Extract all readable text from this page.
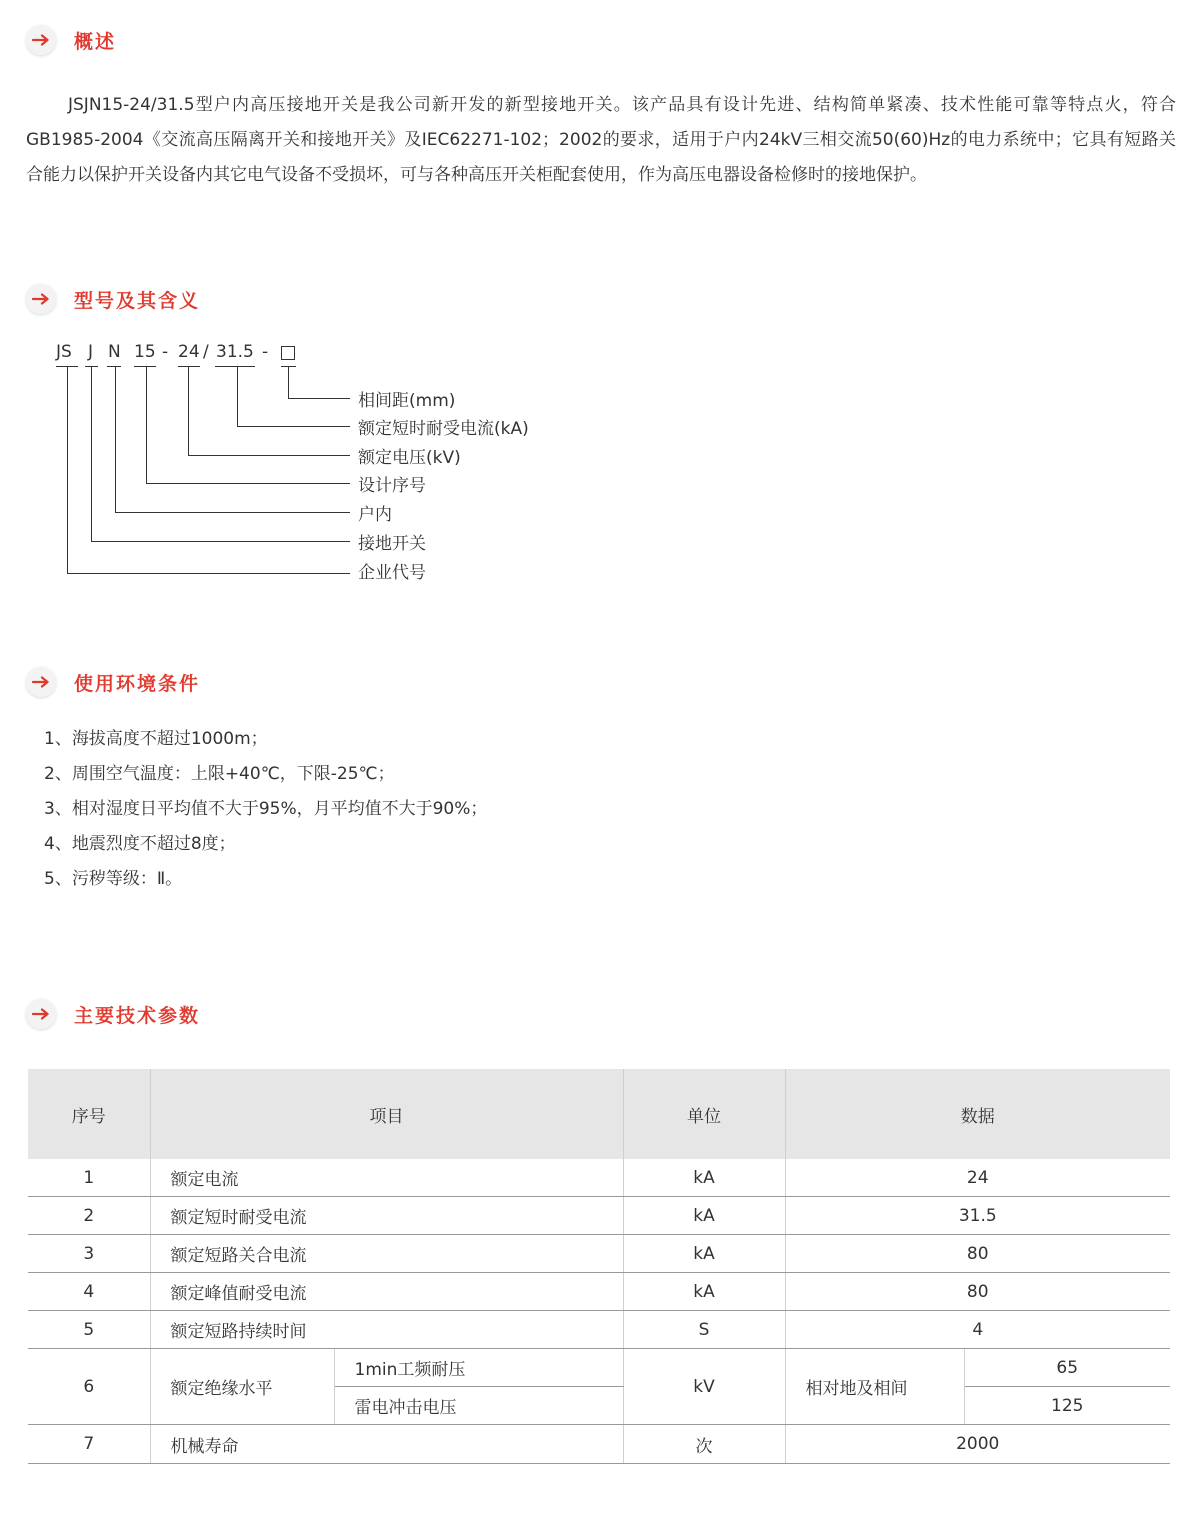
概述

JSJN15-24/31.5型户内高压接地开关是我公司新开发的新型接地开关。该产品具有设计先进、结构简单紧凑、技术性能可靠等特点火，符合GB1985-2004《交流高压隔离开关和接地开关》及IEC62271-102；2002的要求，适用于户内24kV三相交流50(60)Hz的电力系统中；它具有短路关合能力以保护开关设备内其它电气设备不受损坏，可与各种高压开关柜配套使用，作为高压电器设备检修时的接地保护。

型号及其含义
JS J N 15 - 24 / 31.5 -
相间距(mm)
额定短时耐受电流(kA)
额定电压(kV)
设计序号
户内
接地开关
企业代号
使用环境条件
1、海拔高度不超过1000m；
2、周围空气温度：上限+40℃，下限-25℃；
3、相对湿度日平均值不大于95%，月平均值不大于90%；
4、地震烈度不超过8度；
5、污秽等级：Ⅱ。
主要技术参数
序号	项目		单位	数据	
1	额定电流		kA	24	
2	额定短时耐受电流		kA	31.5	
3	额定短路关合电流		kA	80	
4	额定峰值耐受电流		kA	80	
5	额定短路持续时间		S	4	
6	额定绝缘水平	1min工频耐压	kV	相对地及相间	65
		雷电冲击电压			125
7	机械寿命		次	2000	
